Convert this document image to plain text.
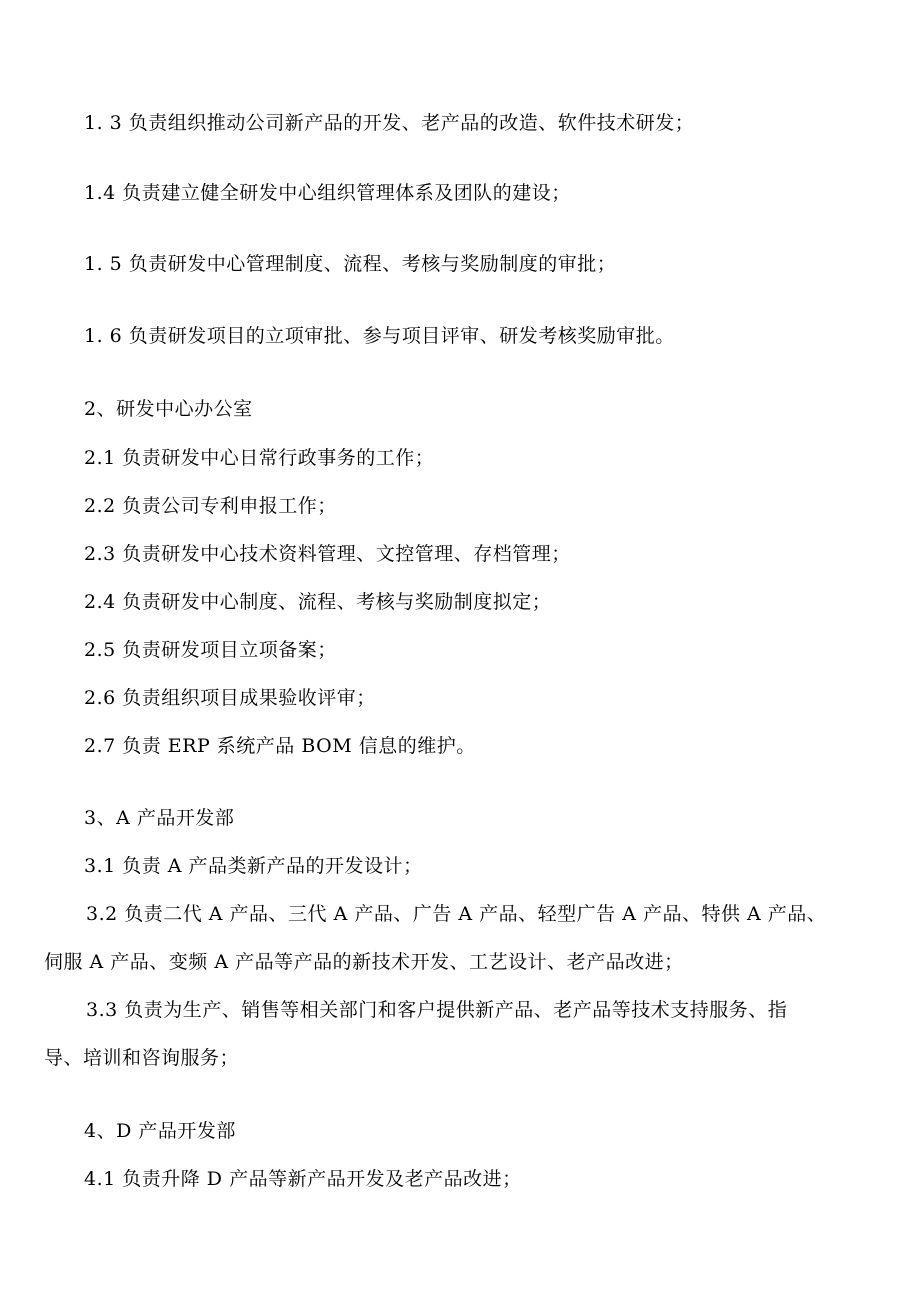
1. 3 负责组织推动公司新产品的开发、老产品的改造、软件技术研发；
1.4 负责建立健全研发中心组织管理体系及团队的建设；
1. 5 负责研发中心管理制度、流程、考核与奖励制度的审批；
1. 6 负责研发项目的立项审批、参与项目评审、研发考核奖励审批。
2、研发中心办公室
2.1 负责研发中心日常行政事务的工作；
2.2 负责公司专利申报工作；
2.3 负责研发中心技术资料管理、文控管理、存档管理；
2.4 负责研发中心制度、流程、考核与奖励制度拟定；
2.5 负责研发项目立项备案；
2.6 负责组织项目成果验收评审；
2.7 负责 ERP 系统产品 BOM 信息的维护。
3、A 产品开发部
3.1 负责 A 产品类新产品的开发设计；
3.2 负责二代 A 产品、三代 A 产品、广告 A 产品、轻型广告 A 产品、特供 A 产品、
伺服 A 产品、变频 A 产品等产品的新技术开发、工艺设计、老产品改进；
3.3 负责为生产、销售等相关部门和客户提供新产品、老产品等技术支持服务、指
导、培训和咨询服务；
4、D 产品开发部
4.1 负责升降 D 产品等新产品开发及老产品改进；
